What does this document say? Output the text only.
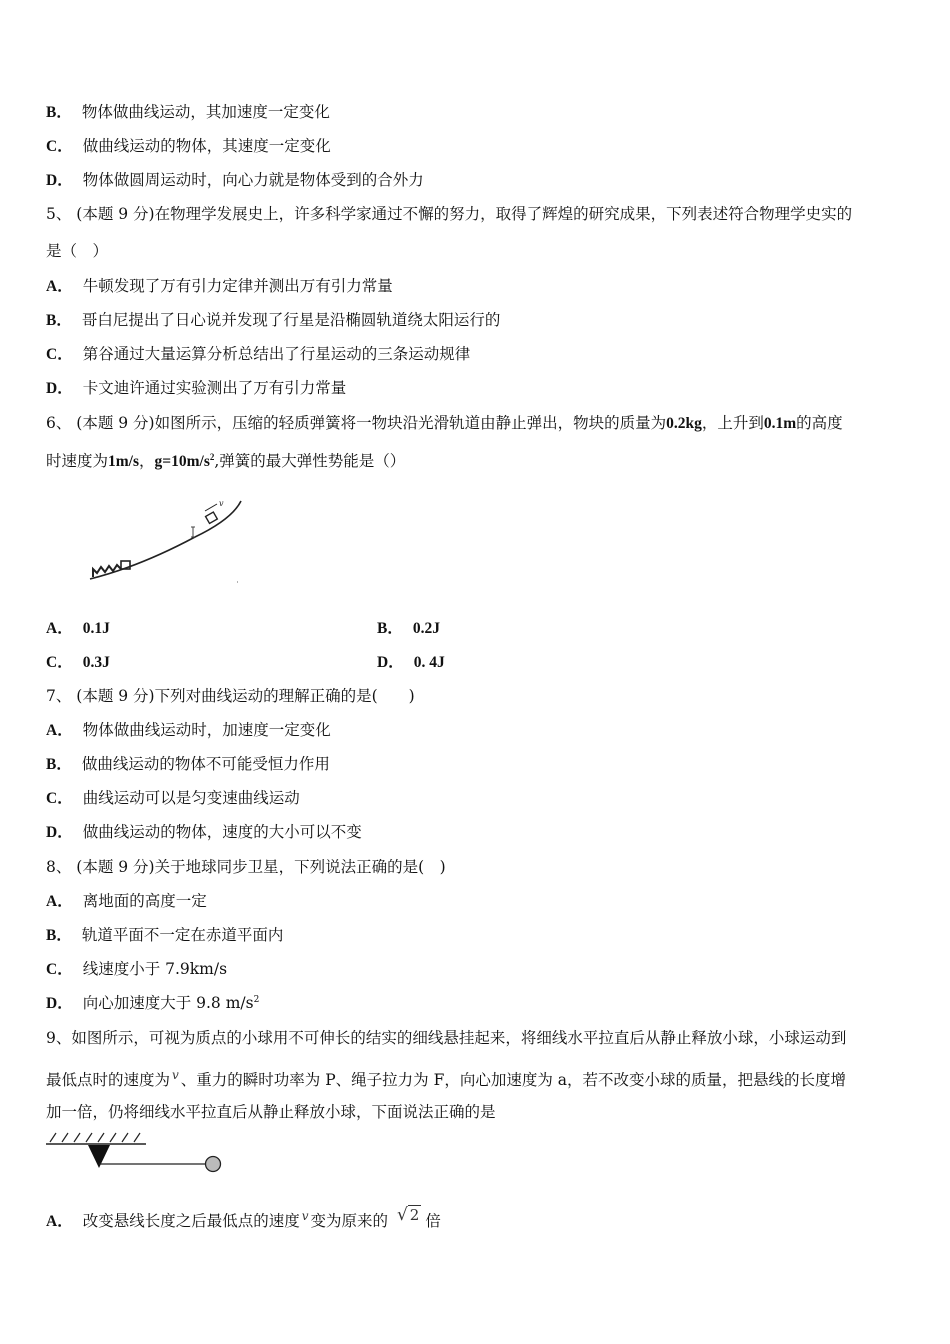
B． 物体做曲线运动，其加速度一定变化
C． 做曲线运动的物体，其速度一定变化
D． 物体做圆周运动时，向心力就是物体受到的合外力
5、 (本题 9 分)在物理学发展史上，许多科学家通过不懈的努力，取得了辉煌的研究成果，下列表述符合物理学史实的
是（　）
A． 牛顿发现了万有引力定律并测出万有引力常量
B． 哥白尼提出了日心说并发现了行星是沿椭圆轨道绕太阳运行的
C． 第谷通过大量运算分析总结出了行星运动的三条运动规律
D． 卡文迪许通过实验测出了万有引力常量
6、 (本题 9 分)如图所示，压缩的轻质弹簧将一物块沿光滑轨道由静止弹出，物块的质量为0.2kg，上升到0.1m的高度
时速度为1m/s，$g=10m/s^2$,弹簧的最大弹性势能是（）
v
A． 0.1J	B． 0.2J
C． 0.3J	D． 0. 4J
7、 (本题 9 分)下列对曲线运动的理解正确的是(　　)
A． 物体做曲线运动时，加速度一定变化
B． 做曲线运动的物体不可能受恒力作用
C． 曲线运动可以是匀变速曲线运动
D． 做曲线运动的物体，速度的大小可以不变
8、 (本题 9 分)关于地球同步卫星，下列说法正确的是(　)
A． 离地面的高度一定
B． 轨道平面不一定在赤道平面内
C． 线速度小于 7.9km/s
D． 向心加速度大于 9.8 $m/s^2$
9、如图所示，可视为质点的小球用不可伸长的结实的细线悬挂起来，将细线水平拉直后从静止释放小球，小球运动到
最低点时的速度为 $^v$ 、重力的瞬时功率为 P、绳子拉力为 F，向心加速度为 a，若不改变小球的质量，把悬线的长度增
加一倍，仍将细线水平拉直后从静止释放小球，下面说法正确的是
A． 改变悬线长度之后最低点的速度 $^v$ 变为原来的 √ 2 倍
